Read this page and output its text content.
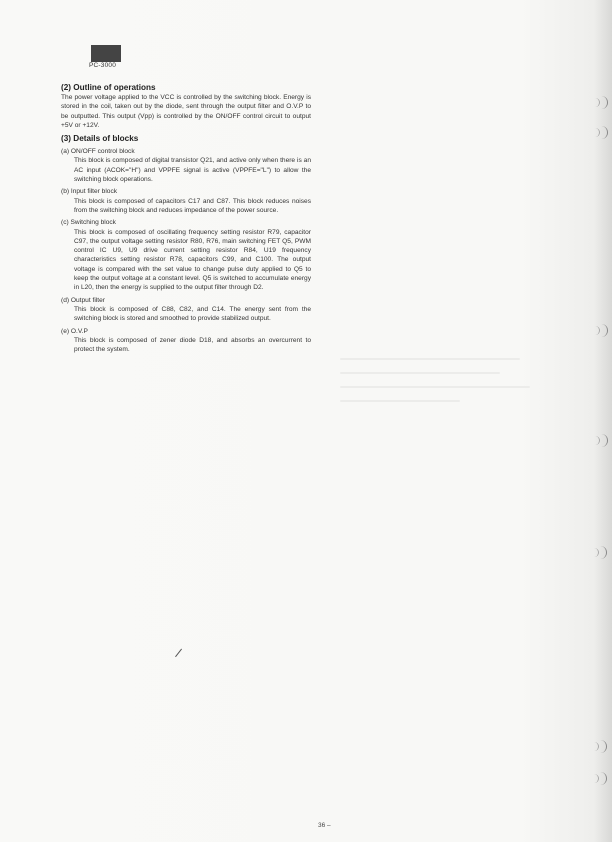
PC-3000

(2) Outline of operations

The power voltage applied to the VCC is controlled by the switching block. Energy is stored in the coil, taken out by the diode, sent through the output filter and O.V.P to be outputted. This output (Vpp) is controlled by the ON/OFF control circuit to output +5V or +12V.

(3) Details of blocks

(a) ON/OFF control block

This block is composed of digital transistor Q21, and active only when there is an AC input (ACOK="H") and VPPFE signal is active (VPPFE="L") to allow the switching block operations.

(b) Input filter block

This block is composed of capacitors C17 and C87. This block reduces noises from the switching block and reduces impedance of the power source.

(c) Switching block

This block is composed of oscillating frequency setting resistor R79, capacitor C97, the output voltage setting resistor R80, R76, main switching FET Q5, PWM control IC U9, U9 drive current setting resistor R84, U19 frequency characteristics setting resistor R78, capacitors C99, and C100. The output voltage is compared with the set value to change pulse duty applied to Q5 to keep the output voltage at a constant level. Q5 is switched to accumulate energy in L20, then the energy is supplied to the output filter through D2.

(d) Output filter

This block is composed of C88, C82, and C14. The energy sent from the switching block is stored and smoothed to provide stabilized output.

(e) O.V.P

This block is composed of zener diode D18, and absorbs an overcurrent to protect the system.

36 –
